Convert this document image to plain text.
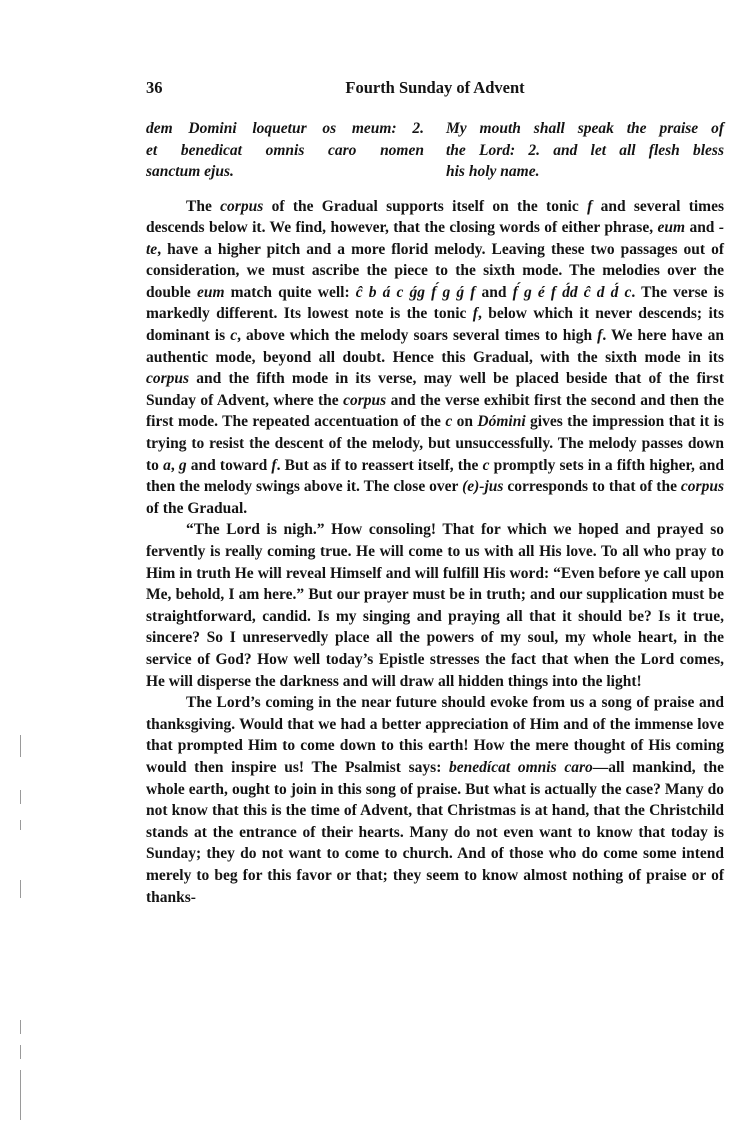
36	Fourth Sunday of Advent
dem Domini loquetur os meum: 2.
et benedicat omnis caro nomen
sanctum ejus.
My mouth shall speak the praise of
the Lord: 2. and let all flesh bless
his holy name.

The corpus of the Gradual supports itself on the tonic f and several times descends below it. We find, however, that the closing words of either phrase, eum and -te, have a higher pitch and a more florid melody. Leaving these two passages out of consideration, we must ascribe the piece to the sixth mode. The melodies over the double eum match quite well: ĉ b á c ǵg f́ g ǵ f and f́ g é f d́d ĉ d d́ c. The verse is markedly different. Its lowest note is the tonic f, below which it never descends; its dominant is c, above which the melody soars several times to high f. We here have an authentic mode, beyond all doubt. Hence this Gradual, with the sixth mode in its corpus and the fifth mode in its verse, may well be placed beside that of the first Sunday of Advent, where the corpus and the verse exhibit first the second and then the first mode. The repeated accentuation of the c on Dómini gives the impression that it is trying to resist the descent of the melody, but unsuccessfully. The melody passes down to a, g and toward f. But as if to reassert itself, the c promptly sets in a fifth higher, and then the melody swings above it. The close over (e)-jus corresponds to that of the corpus of the Gradual.

“The Lord is nigh.” How consoling! That for which we hoped and prayed so fervently is really coming true. He will come to us with all His love. To all who pray to Him in truth He will reveal Himself and will fulfill His word: “Even before ye call upon Me, behold, I am here.” But our prayer must be in truth; and our supplication must be straightforward, candid. Is my singing and praying all that it should be? Is it true, sincere? So I unreservedly place all the powers of my soul, my whole heart, in the service of God? How well today’s Epistle stresses the fact that when the Lord comes, He will disperse the darkness and will draw all hidden things into the light!

The Lord’s coming in the near future should evoke from us a song of praise and thanksgiving. Would that we had a better appreciation of Him and of the immense love that prompted Him to come down to this earth! How the mere thought of His coming would then inspire us! The Psalmist says: benedícat omnis caro—all mankind, the whole earth, ought to join in this song of praise. But what is actually the case? Many do not know that this is the time of Advent, that Christmas is at hand, that the Christchild stands at the entrance of their hearts. Many do not even want to know that today is Sunday; they do not want to come to church. And of those who do come some intend merely to beg for this favor or that; they seem to know almost nothing of praise or of thanks-
